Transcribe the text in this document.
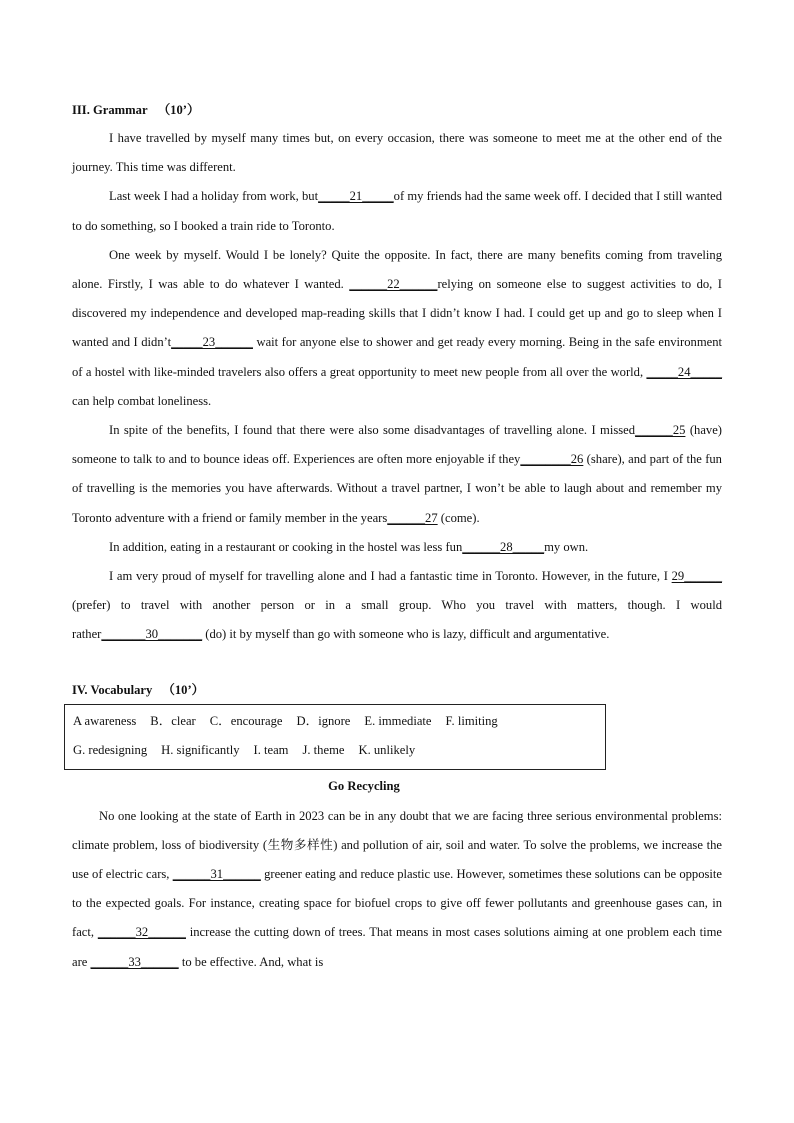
III. Grammar （10’）

I have travelled by myself many times but, on every occasion, there was someone to meet me at the other end of the journey. This time was different.

Last week I had a holiday from work, but_____21_____of my friends had the same week off. I decided that I still wanted to do something, so I booked a train ride to Toronto.

One week by myself. Would I be lonely? Quite the opposite. In fact, there are many benefits coming from traveling alone. Firstly, I was able to do whatever I wanted. ______22______relying on someone else to suggest activities to do, I discovered my independence and developed map-reading skills that I didn’t know I had. I could get up and go to sleep when I wanted and I didn’t_____23______ wait for anyone else to shower and get ready every morning. Being in the safe environment of a hostel with like-minded travelers also offers a great opportunity to meet new people from all over the world, _____24_____ can help combat loneliness.

In spite of the benefits, I found that there were also some disadvantages of travelling alone. I missed______25 (have) someone to talk to and to bounce ideas off. Experiences are often more enjoyable if they________26 (share), and part of the fun of travelling is the memories you have afterwards. Without a travel partner, I won’t be able to laugh about and remember my Toronto adventure with a friend or family member in the years______27 (come).

In addition, eating in a restaurant or cooking in the hostel was less fun______28_____my own.

I am very proud of myself for travelling alone and I had a fantastic time in Toronto. However, in the future, I 29______ (prefer) to travel with another person or in a small group. Who you travel with matters, though. I would rather_______30_______ (do) it by myself than go with someone who is lazy, difficult and argumentative.

IV. Vocabulary （10’）
A awareness B．clear C．encourage D．ignore E. immediate F. limiting
G. redesigning H. significantly I. team J. theme K. unlikely
Go Recycling

No one looking at the state of Earth in 2023 can be in any doubt that we are facing three serious environmental problems: climate problem, loss of biodiversity (生物多样性) and pollution of air, soil and water. To solve the problems, we increase the use of electric cars, ______31______ greener eating and reduce plastic use. However, sometimes these solutions can be opposite to the expected goals. For instance, creating space for biofuel crops to give off fewer pollutants and greenhouse gases can, in fact, ______32______ increase the cutting down of trees. That means in most cases solutions aiming at one problem each time are ______33______ to be effective. And, what is
